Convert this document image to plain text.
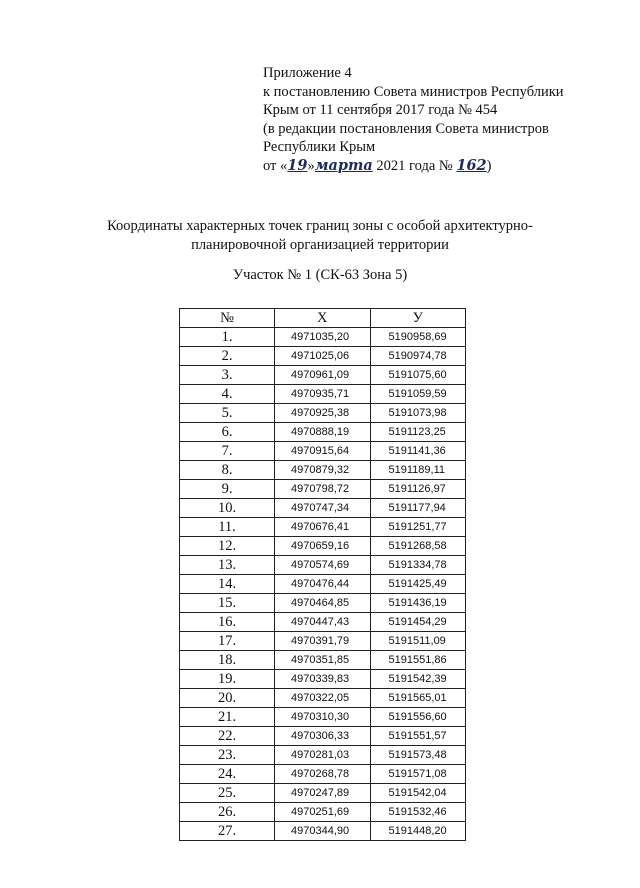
Приложение 4
к постановлению Совета министров Республики
Крым от 11 сентября 2017 года № 454
(в редакции постановления Совета министров
Республики Крым
от «19»марта 2021 года № 162)
Координаты характерных точек границ зоны с особой архитектурно-
планировочной организацией территории
Участок № 1 (СК-63 Зона 5)
№	X	У
1.	4971035,20	5190958,69
2.	4971025,06	5190974,78
3.	4970961,09	5191075,60
4.	4970935,71	5191059,59
5.	4970925,38	5191073,98
6.	4970888,19	5191123,25
7.	4970915,64	5191141,36
8.	4970879,32	5191189,11
9.	4970798,72	5191126,97
10.	4970747,34	5191177,94
11.	4970676,41	5191251,77
12.	4970659,16	5191268,58
13.	4970574,69	5191334,78
14.	4970476,44	5191425,49
15.	4970464,85	5191436,19
16.	4970447,43	5191454,29
17.	4970391,79	5191511,09
18.	4970351,85	5191551,86
19.	4970339,83	5191542,39
20.	4970322,05	5191565,01
21.	4970310,30	5191556,60
22.	4970306,33	5191551,57
23.	4970281,03	5191573,48
24.	4970268,78	5191571,08
25.	4970247,89	5191542,04
26.	4970251,69	5191532,46
27.	4970344,90	5191448,20
